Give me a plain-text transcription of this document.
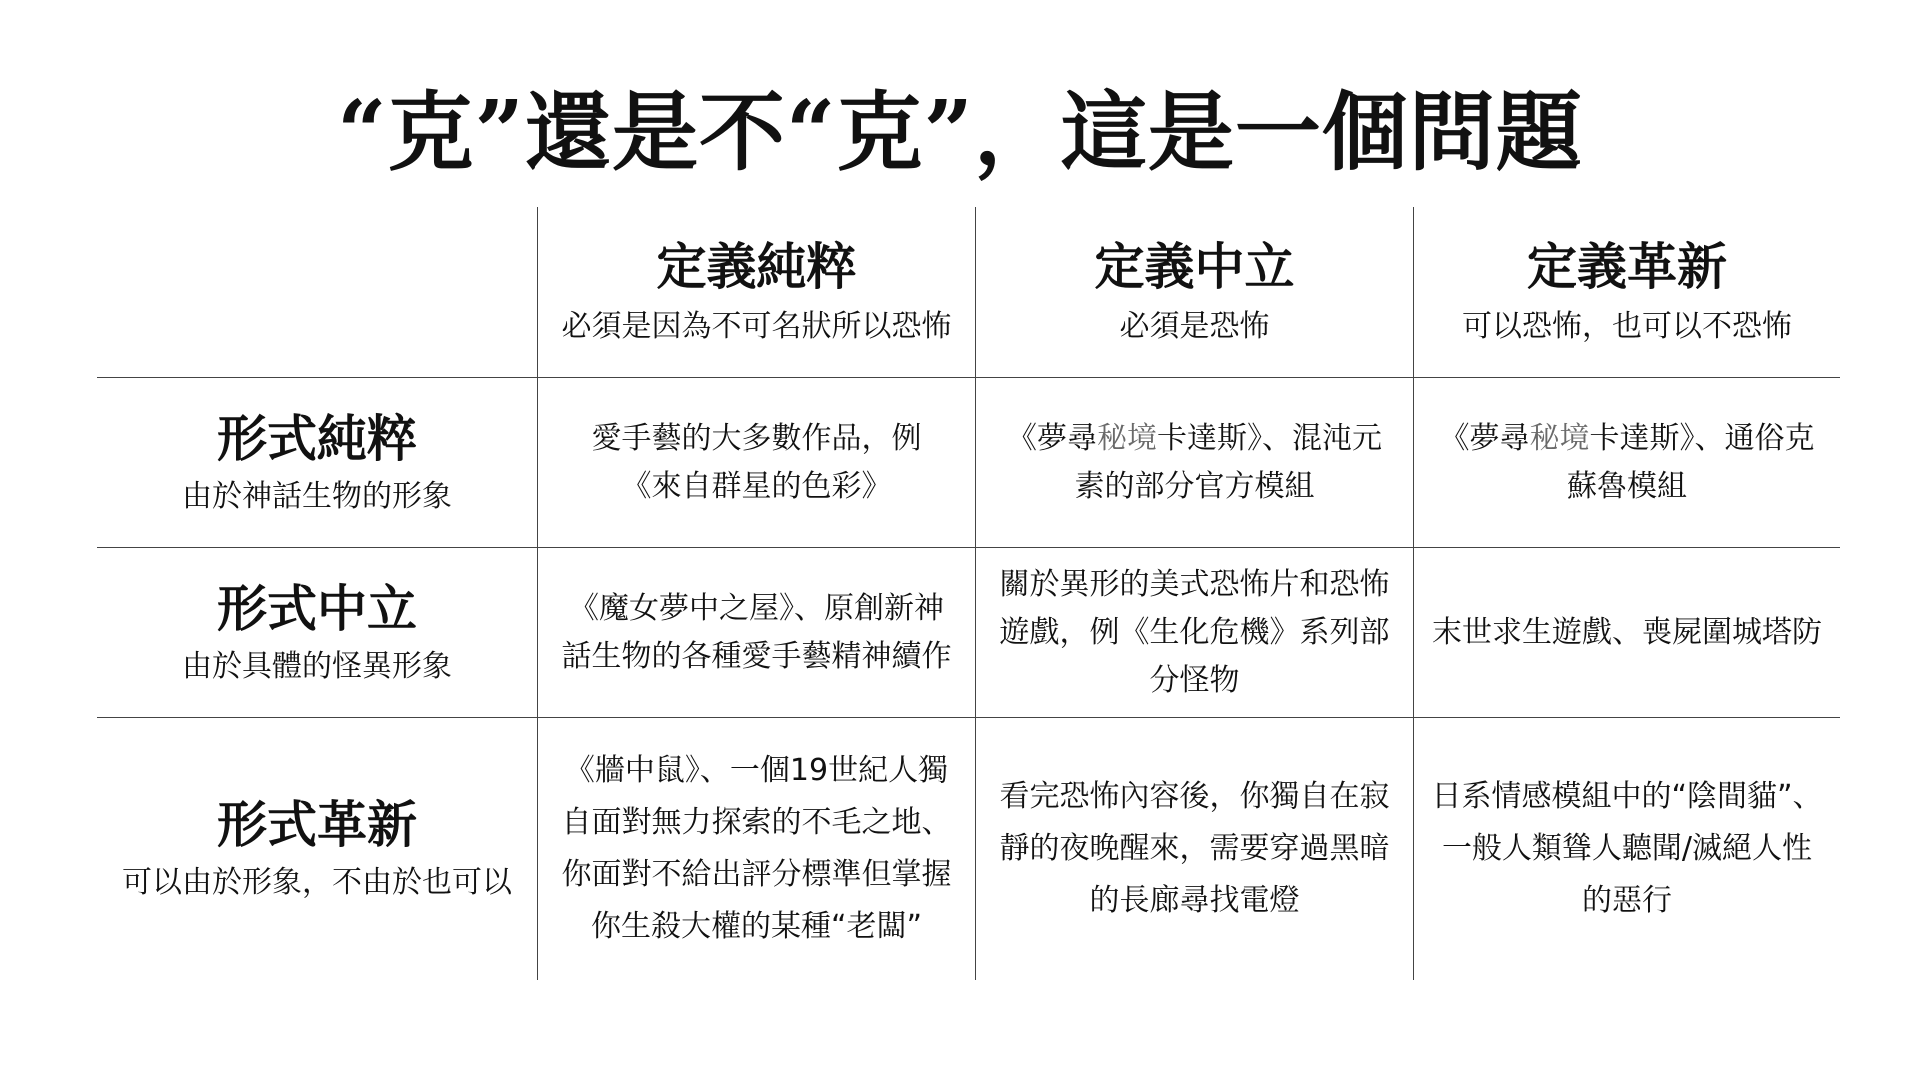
“克”還是不“克”，這是一個問題
定義純粹
必須是因為不可名狀所以恐怖
定義中立
必須是恐怖
定義革新
可以恐怖，也可以不恐怖
形式純粹
由於神話生物的形象
形式中立
由於具體的怪異形象
形式革新
可以由於形象，不由於也可以
愛手藝的大多數作品，例
《來自群星的色彩》
《夢尋秘境卡達斯》、混沌元
素的部分官方模組
《夢尋秘境卡達斯》、通俗克
蘇魯模組
《魔女夢中之屋》、原創新神
話生物的各種愛手藝精神續作
關於異形的美式恐怖片和恐怖
遊戲，例《生化危機》系列部
分怪物
末世求生遊戲、喪屍圍城塔防
《牆中鼠》、一個19世紀人獨
自面對無力探索的不毛之地、
你面對不給出評分標準但掌握
你生殺大權的某種“老闆”
看完恐怖內容後，你獨自在寂
靜的夜晚醒來，需要穿過黑暗
的長廊尋找電燈
日系情感模組中的“陰間貓”、
一般人類聳人聽聞/滅絕人性
的惡行
